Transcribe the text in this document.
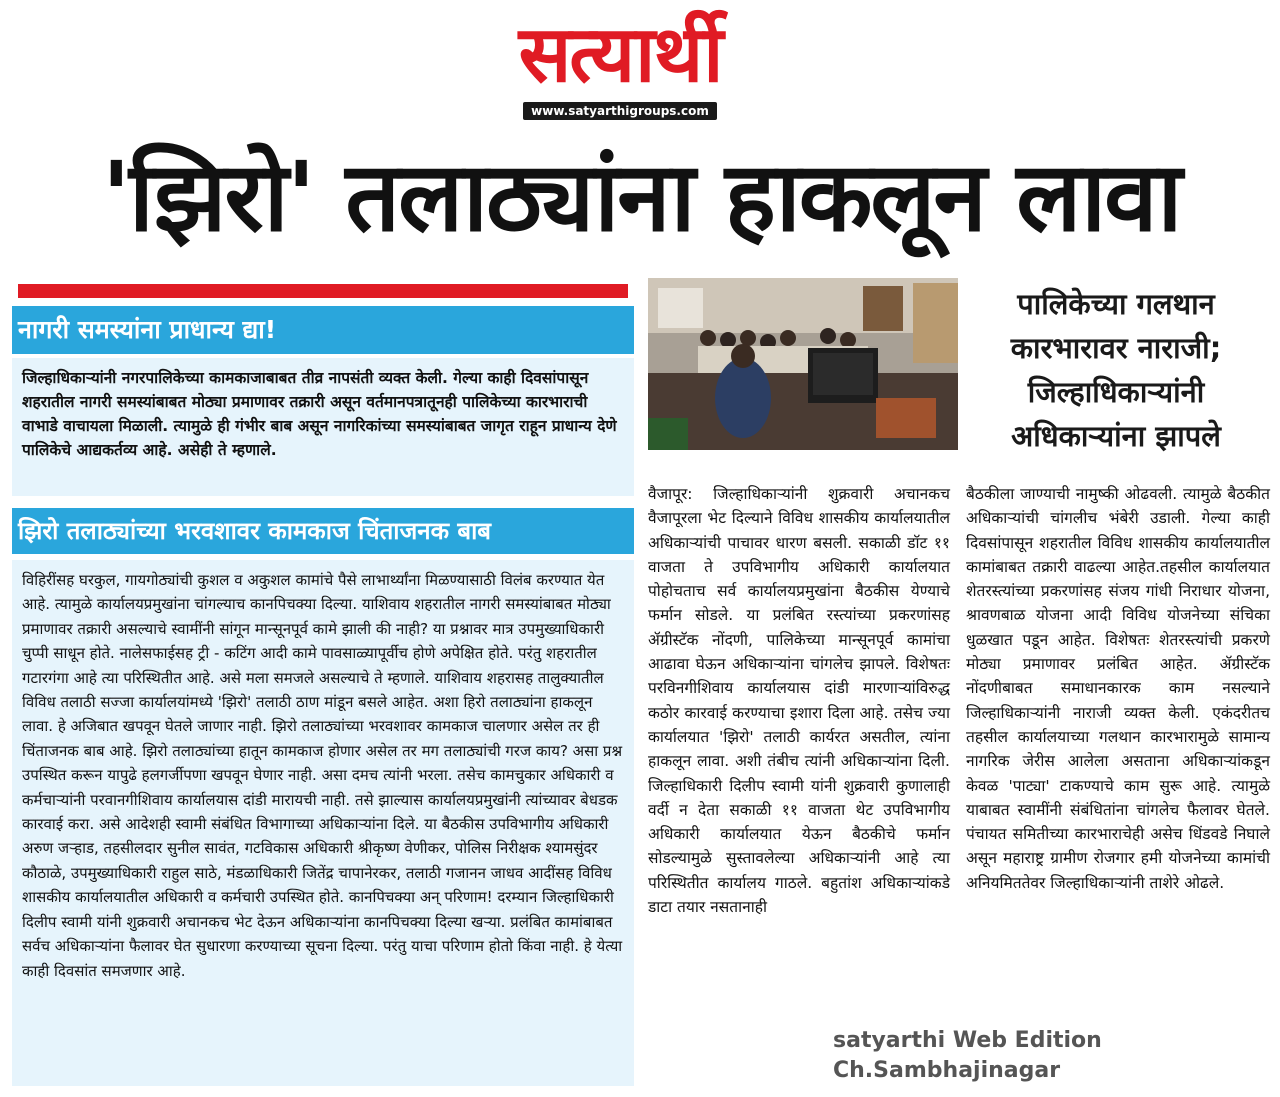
सत्यार्थी
www.satyarthigroups.com
'झिरो' तलाठ्यांना हाकलून लावा
नागरी समस्यांना प्राधान्य द्या!
जिल्हाधिकाऱ्यांनी नगरपालिकेच्या कामकाजाबाबत तीव्र नापसंती व्यक्त केली. गेल्या काही दिवसांपासून शहरातील नागरी समस्यांबाबत मोठ्या प्रमाणावर तक्रारी असून वर्तमानपत्रातूनही पालिकेच्या कारभाराची वाभाडे वाचायला मिळाली. त्यामुळे ही गंभीर बाब असून नागरिकांच्या समस्यांबाबत जागृत राहून प्राधान्य देणे पालिकेचे आद्यकर्तव्य आहे. असेही ते म्हणाले.
झिरो तलाठ्यांच्या भरवशावर कामकाज चिंताजनक बाब
विहिरींसह घरकुल, गायगोठ्यांची कुशल व अकुशल कामांचे पैसे लाभार्थ्यांना मिळण्यासाठी विलंब करण्यात येत आहे. त्यामुळे कार्यालयप्रमुखांना चांगल्याच कानपिचक्या दिल्या. याशिवाय शहरातील नागरी समस्यांबाबत मोठ्या प्रमाणावर तक्रारी असल्याचे स्वामींनी सांगून मान्सूनपूर्व कामे झाली की नाही? या प्रश्नावर मात्र उपमुख्याधिकारी चुप्पी साधून होते. नालेसफाईसह ट्री - कटिंग आदी कामे पावसाळ्यापूर्वीच होणे अपेक्षित होते. परंतु शहरातील गटारगंगा आहे त्या परिस्थितीत आहे. असे मला समजले असल्याचे ते म्हणाले. याशिवाय शहरासह तालुक्यातील विविध तलाठी सज्जा कार्यालयांमध्ये 'झिरो' तलाठी ठाण मांडून बसले आहेत. अशा हिरो तलाठ्यांना हाकलून लावा. हे अजिबात खपवून घेतले जाणार नाही. झिरो तलाठ्यांच्या भरवशावर कामकाज चालणार असेल तर ही चिंताजनक बाब आहे. झिरो तलाठ्यांच्या हातून कामकाज होणार असेल तर मग तलाठ्यांची गरज काय? असा प्रश्न उपस्थित करून यापुढे हलगर्जीपणा खपवून घेणार नाही. असा दमच त्यांनी भरला. तसेच कामचुकार अधिकारी व कर्मचाऱ्यांनी परवानगीशिवाय कार्यालयास दांडी मारायची नाही. तसे झाल्यास कार्यालयप्रमुखांनी त्यांच्यावर बेधडक कारवाई करा. असे आदेशही स्वामी संबंधित विभागाच्या अधिकाऱ्यांना दिले. या बैठकीस उपविभागीय अधिकारी अरुण जऱ्हाड, तहसीलदार सुनील सावंत, गटविकास अधिकारी श्रीकृष्ण वेणीकर, पोलिस निरीक्षक श्यामसुंदर कौठाळे, उपमुख्याधिकारी राहुल साठे, मंडळाधिकारी जितेंद्र चापानेरकर, तलाठी गजानन जाधव आदींसह विविध शासकीय कार्यालयातील अधिकारी व कर्मचारी उपस्थित होते. कानपिचक्या अन् परिणाम! दरम्यान जिल्हाधिकारी दिलीप स्वामी यांनी शुक्रवारी अचानकच भेट देऊन अधिकाऱ्यांना कानपिचक्या दिल्या खऱ्या. प्रलंबित कामांबाबत सर्वच अधिकाऱ्यांना फैलावर घेत सुधारणा करण्याच्या सूचना दिल्या. परंतु याचा परिणाम होतो किंवा नाही. हे येत्या काही दिवसांत समजणार आहे.
पालिकेच्या गलथान कारभारावर नाराजी; जिल्हाधिकाऱ्यांनी अधिकाऱ्यांना झापले
वैजापूर: जिल्हाधिकाऱ्यांनी शुक्रवारी अचानकच वैजापूरला भेट दिल्याने विविध शासकीय कार्यालयातील अधिकाऱ्यांची पाचावर धारण बसली. सकाळी डॉट ११ वाजता ते उपविभागीय अधिकारी कार्यालयात पोहोचताच सर्व कार्यालयप्रमुखांना बैठकीस येण्याचे फर्मान सोडले. या प्रलंबित रस्त्यांच्या प्रकरणांसह ॲग्रीस्टॅक नोंदणी, पालिकेच्या मान्सूनपूर्व कामांचा आढावा घेऊन अधिकाऱ्यांना चांगलेच झापले. विशेषतः परविनगीशिवाय कार्यालयास दांडी मारणाऱ्यांविरुद्ध कठोर कारवाई करण्याचा इशारा दिला आहे. तसेच ज्या कार्यालयात 'झिरो' तलाठी कार्यरत असतील, त्यांना हाकलून लावा. अशी तंबीच त्यांनी अधिकाऱ्यांना दिली. जिल्हाधिकारी दिलीप स्वामी यांनी शुक्रवारी कुणालाही वर्दी न देता सकाळी ११ वाजता थेट उपविभागीय अधिकारी कार्यालयात येऊन बैठकीचे फर्मान सोडल्यामुळे सुस्तावलेल्या अधिकाऱ्यांनी आहे त्या परिस्थितीत कार्यालय गाठले. बहुतांश अधिकाऱ्यांकडे डाटा तयार नसतानाही
बैठकीला जाण्याची नामुष्की ओढवली. त्यामुळे बैठकीत अधिकाऱ्यांची चांगलीच भंबेरी उडाली. गेल्या काही दिवसांपासून शहरातील विविध शासकीय कार्यालयातील कामांबाबत तक्रारी वाढल्या आहेत.तहसील कार्यालयात शेतरस्त्यांच्या प्रकरणांसह संजय गांधी निराधार योजना, श्रावणबाळ योजना आदी विविध योजनेच्या संचिका धुळखात पडून आहेत. विशेषतः शेतरस्त्यांची प्रकरणे मोठ्या प्रमाणावर प्रलंबित आहेत. ॲग्रीस्टॅक नोंदणीबाबत समाधानकारक काम नसल्याने जिल्हाधिकाऱ्यांनी नाराजी व्यक्त केली. एकंदरीतच तहसील कार्यालयाच्या गलथान कारभारामुळे सामान्य नागरिक जेरीस आलेला असताना अधिकाऱ्यांकडून केवळ 'पाट्या' टाकण्याचे काम सुरू आहे. त्यामुळे याबाबत स्वामींनी संबंधितांना चांगलेच फैलावर घेतले. पंचायत समितीच्या कारभाराचेही असेच धिंडवडे निघाले असून महाराष्ट्र ग्रामीण रोजगार हमी योजनेच्या कामांची अनियमिततेवर जिल्हाधिकाऱ्यांनी ताशेरे ओढले.
satyarthi Web Edition
Ch.Sambhajinagar
